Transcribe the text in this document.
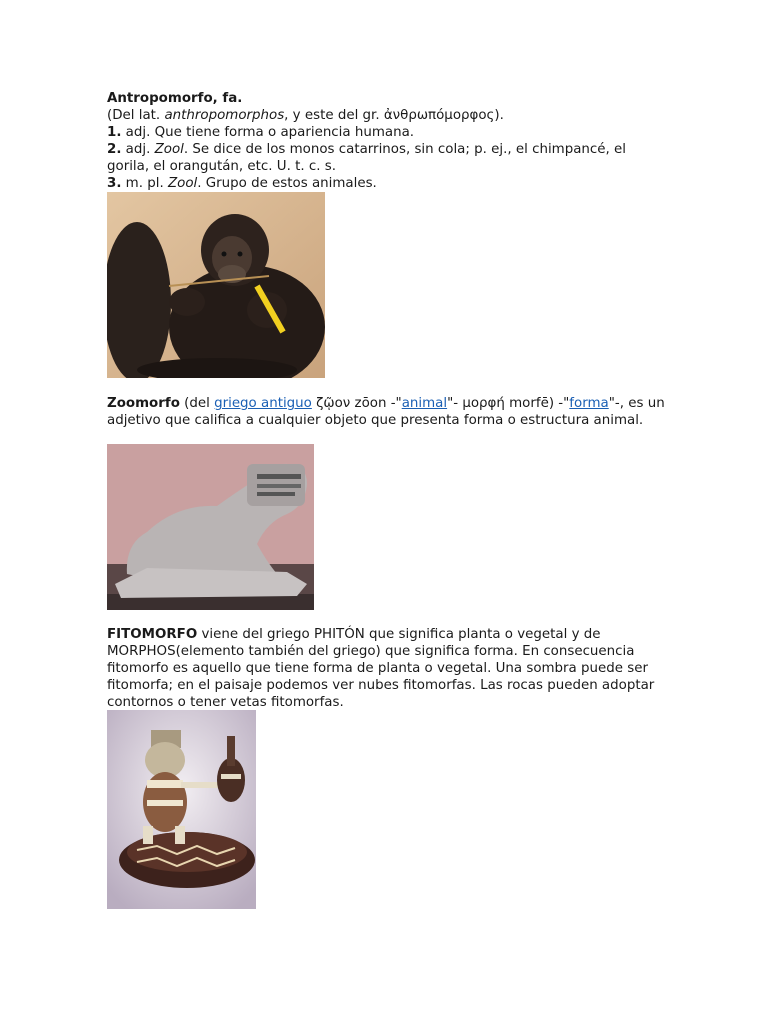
Antropomorfo, fa.

(Del lat. anthropomorphos, y este del gr. ἀνθρωπόμορφος).

1. adj. Que tiene forma o apariencia humana.

2. adj. Zool. Se dice de los monos catarrinos, sin cola; p. ej., el chimpancé, el gorila, el orangután, etc. U. t. c. s.

3. m. pl. Zool. Grupo de estos animales.

Zoomorfo (del griego antiguo ζῷον zōon -"animal"- μορφή morfē) -"forma"-, es un adjetivo que califica a cualquier objeto que presenta forma o estructura animal.

FITOMORFO viene del griego PHITÓN que significa planta o vegetal y de MORPHOS(elemento también del griego) que significa forma. En consecuencia fitomorfo es aquello que tiene forma de planta o vegetal. Una sombra puede ser fitomorfa; en el paisaje podemos ver nubes fitomorfas. Las rocas pueden adoptar contornos o tener vetas fitomorfas.
